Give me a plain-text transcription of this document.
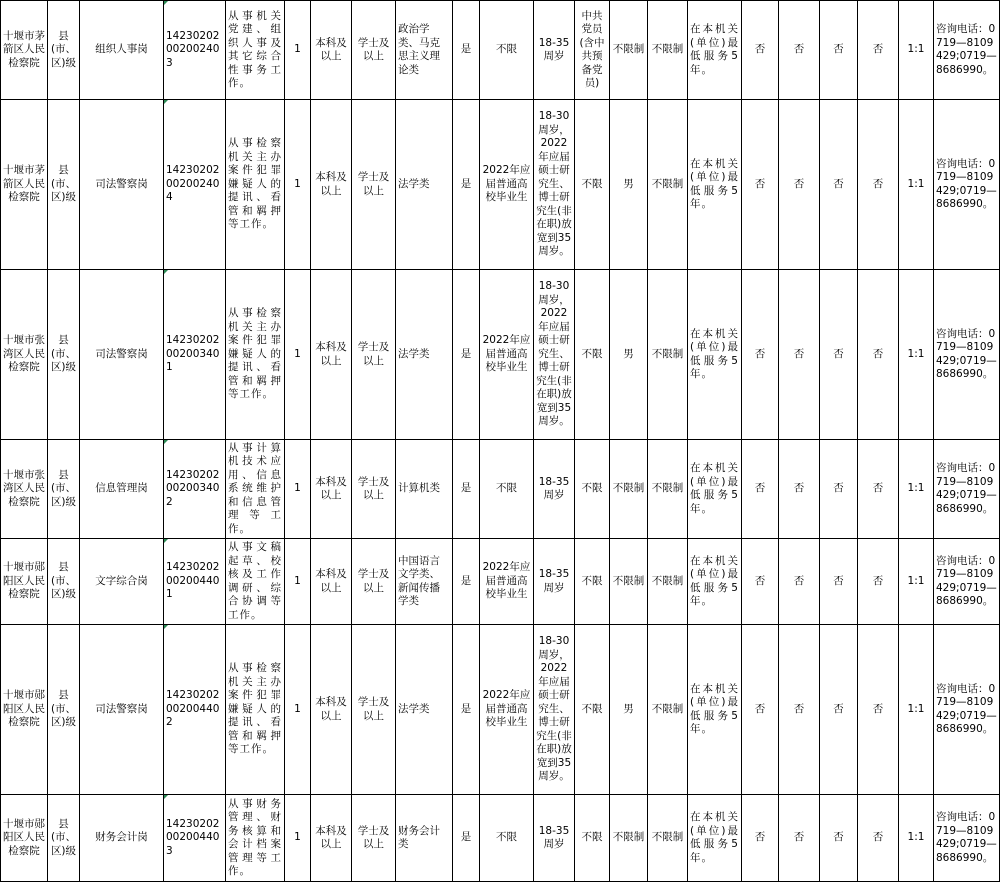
十堰市茅箭区人民检察院	县(市、区)级	组织人事岗	14230202002002403	从事机关党建、组织人事及其它综合性事务工作。	1	本科及以上	学士及以上	政治学类、马克思主义理论类	是	不限	18-35周岁	中共党员(含中共预备党员)	不限制	不限制	在本机关(单位)最低服务5年。	否	否	否	否	1:1	咨询电话：0719—8109429;0719—8686990。
十堰市茅箭区人民检察院	县(市、区)级	司法警察岗	14230202002002404	从事检察机关主办案件犯罪嫌疑人的提讯、看管和羁押等工作。	1	本科及以上	学士及以上	法学类	是	2022年应届普通高校毕业生	18-30周岁，2022年应届硕士研究生、博士研究生(非在职)放宽到35周岁。	不限	男	不限制	在本机关(单位)最低服务5年。	否	否	否	否	1:1	咨询电话：0719—8109429;0719—8686990。
十堰市张湾区人民检察院	县(市、区)级	司法警察岗	14230202002003401	从事检察机关主办案件犯罪嫌疑人的提讯、看管和羁押等工作。	1	本科及以上	学士及以上	法学类	是	2022年应届普通高校毕业生	18-30周岁，2022年应届硕士研究生、博士研究生(非在职)放宽到35周岁。	不限	男	不限制	在本机关(单位)最低服务5年。	否	否	否	否	1:1	咨询电话：0719—8109429;0719—8686990。
十堰市张湾区人民检察院	县(市、区)级	信息管理岗	14230202002003402	从事计算机技术应用、信息系统维护和信息管理等工作。	1	本科及以上	学士及以上	计算机类	是	不限	18-35周岁	不限	不限制	不限制	在本机关(单位)最低服务5年。	否	否	否	否	1:1	咨询电话：0719—8109429;0719—8686990。
十堰市郧阳区人民检察院	县(市、区)级	文字综合岗	14230202002004401	从事文稿起草、校核及工作调研、综合协调等工作。	1	本科及以上	学士及以上	中国语言文学类、新闻传播学类	是	2022年应届普通高校毕业生	18-35周岁	不限	不限制	不限制	在本机关(单位)最低服务5年。	否	否	否	否	1:1	咨询电话：0719—8109429;0719—8686990。
十堰市郧阳区人民检察院	县(市、区)级	司法警察岗	14230202002004402	从事检察机关主办案件犯罪嫌疑人的提讯、看管和羁押等工作。	1	本科及以上	学士及以上	法学类	是	2022年应届普通高校毕业生	18-30周岁，2022年应届硕士研究生、博士研究生(非在职)放宽到35周岁。	不限	男	不限制	在本机关(单位)最低服务5年。	否	否	否	否	1:1	咨询电话：0719—8109429;0719—8686990。
十堰市郧阳区人民检察院	县(市、区)级	财务会计岗	14230202002004403	从事财务管理、财务核算和会计档案管理等工作。	1	本科及以上	学士及以上	财务会计类	是	不限	18-35周岁	不限	不限制	不限制	在本机关(单位)最低服务5年。	否	否	否	否	1:1	咨询电话：0719—8109429;0719—8686990。
